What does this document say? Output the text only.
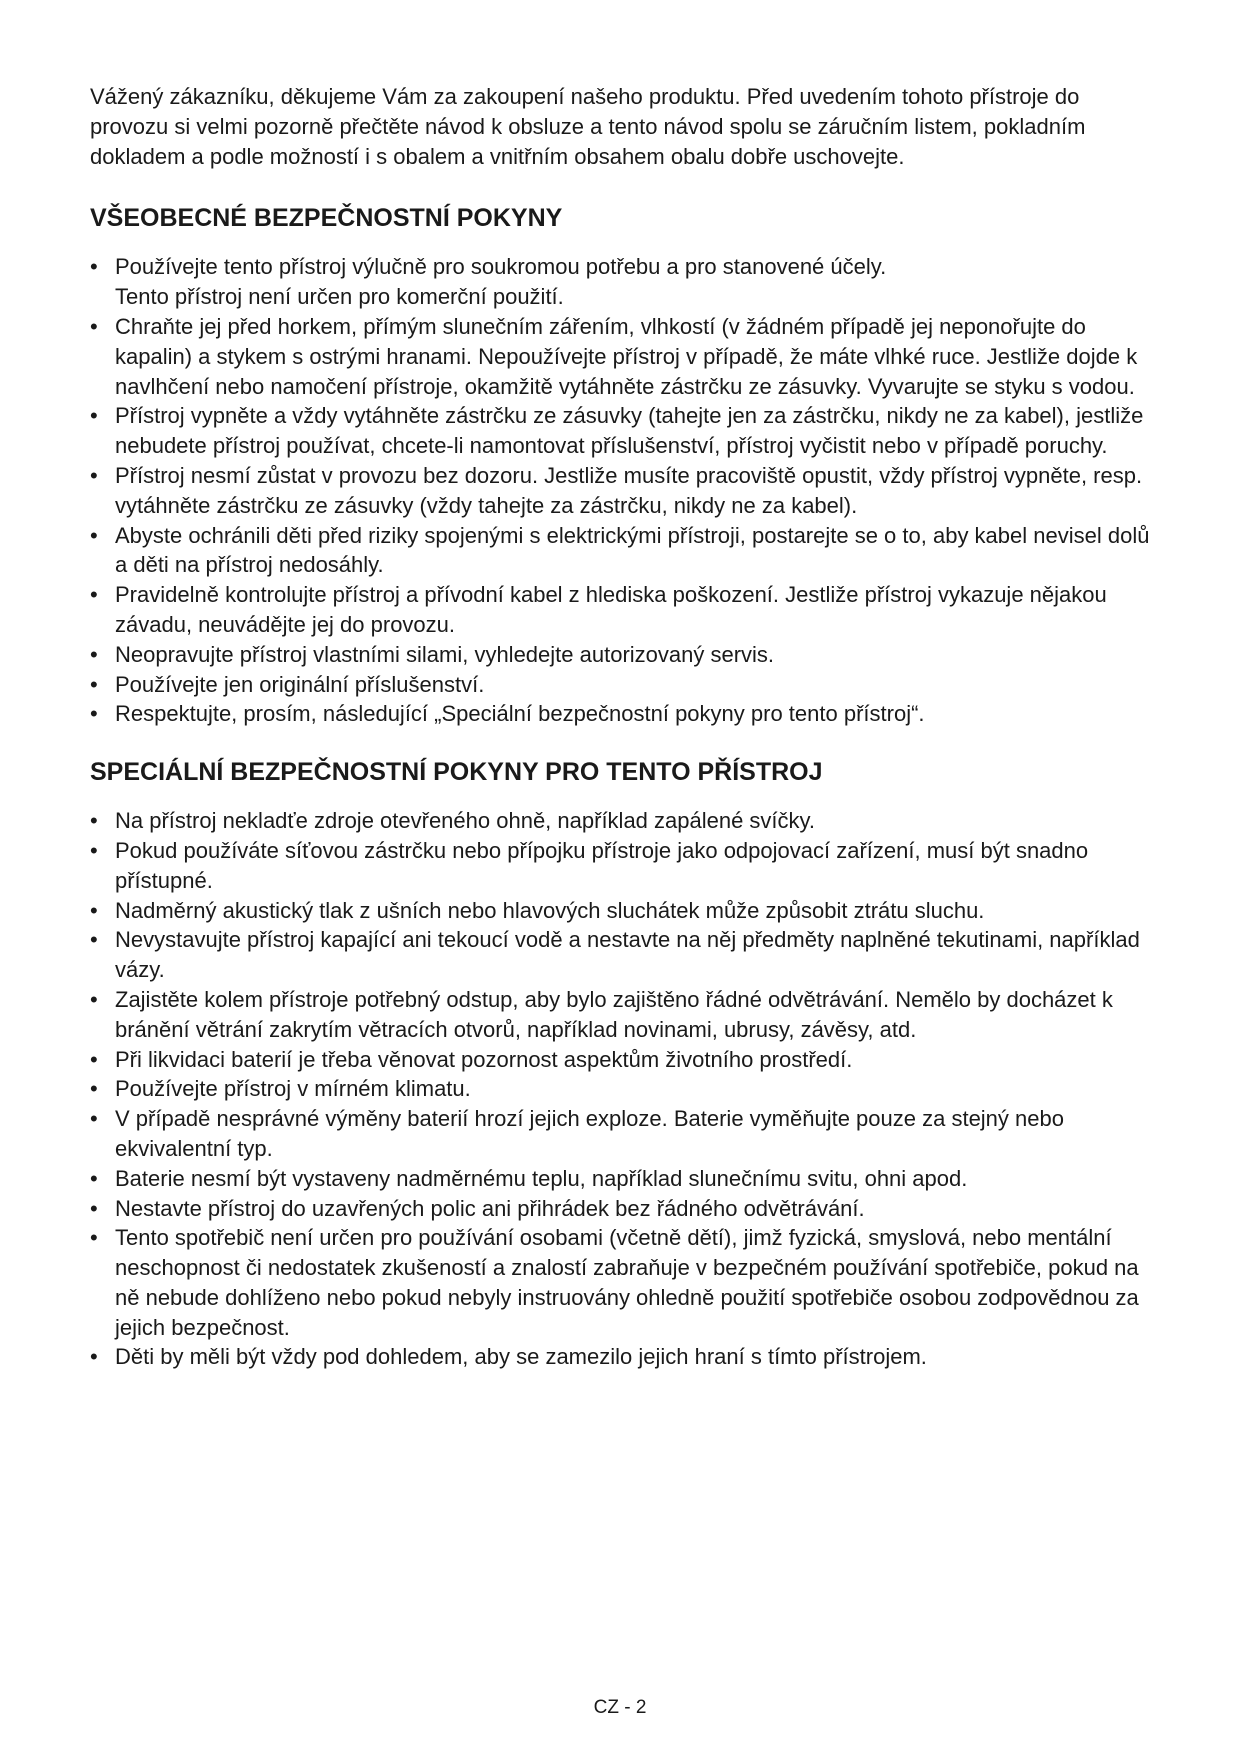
Vážený zákazníku, děkujeme Vám za zakoupení našeho produktu. Před uvedením tohoto přístroje do provozu si velmi pozorně přečtěte návod k obsluze a tento návod spolu se záručním listem, pokladním dokladem a podle možností i s obalem a vnitřním obsahem obalu dobře uschovejte.

VŠEOBECNÉ BEZPEČNOSTNÍ POKYNY
• Používejte tento přístroj výlučně pro soukromou potřebu a pro stanovené účely.
Tento přístroj není určen pro komerční použití.
• Chraňte jej před horkem, přímým slunečním zářením, vlhkostí (v žádném případě jej neponořujte do kapalin) a stykem s ostrými hranami. Nepoužívejte přístroj v případě, že máte vlhké ruce. Jestliže dojde k navlhčení nebo namočení přístroje, okamžitě vytáhněte zástrčku ze zásuvky. Vyvarujte se styku s vodou.
• Přístroj vypněte a vždy vytáhněte zástrčku ze zásuvky (tahejte jen za zástrčku, nikdy ne za kabel), jestliže nebudete přístroj používat, chcete-li namontovat příslušenství, přístroj vyčistit nebo v případě poruchy.
• Přístroj nesmí zůstat v provozu bez dozoru. Jestliže musíte pracoviště opustit, vždy přístroj vypněte, resp. vytáhněte zástrčku ze zásuvky (vždy tahejte za zástrčku, nikdy ne za kabel).
• Abyste ochránili děti před riziky spojenými s elektrickými přístroji, postarejte se o to, aby kabel nevisel dolů a děti na přístroj nedosáhly.
• Pravidelně kontrolujte přístroj a přívodní kabel z hlediska poškození. Jestliže přístroj vykazuje nějakou závadu, neuvádějte jej do provozu.
• Neopravujte přístroj vlastními silami, vyhledejte autorizovaný servis.
• Používejte jen originální příslušenství.
• Respektujte, prosím, následující „Speciální bezpečnostní pokyny pro tento přístroj“.
SPECIÁLNÍ BEZPEČNOSTNÍ POKYNY PRO TENTO PŘÍSTROJ
• Na přístroj nekladťe zdroje otevřeného ohně, například zapálené svíčky.
• Pokud používáte síťovou zástrčku nebo přípojku přístroje jako odpojovací zařízení, musí být snadno přístupné.
• Nadměrný akustický tlak z ušních nebo hlavových sluchátek může způsobit ztrátu sluchu.
• Nevystavujte přístroj kapající ani tekoucí vodě a nestavte na něj předměty naplněné tekutinami, například vázy.
• Zajistěte kolem přístroje potřebný odstup, aby bylo zajištěno řádné odvětrávání. Nemělo by docházet k bránění větrání zakrytím větracích otvorů, například novinami, ubrusy, závěsy, atd.
• Při likvidaci baterií je třeba věnovat pozornost aspektům životního prostředí.
• Používejte přístroj v mírném klimatu.
• V případě nesprávné výměny baterií hrozí jejich exploze. Baterie vyměňujte pouze za stejný nebo ekvivalentní typ.
• Baterie nesmí být vystaveny nadměrnému teplu, například slunečnímu svitu, ohni apod.
• Nestavte přístroj do uzavřených polic ani přihrádek bez řádného odvětrávání.
• Tento spotřebič není určen pro používání osobami (včetně dětí), jimž fyzická, smyslová, nebo mentální neschopnost či nedostatek zkušeností a znalostí zabraňuje v bezpečném používání spotřebiče, pokud na ně nebude dohlíženo nebo pokud nebyly instruovány ohledně použití spotřebiče osobou zodpovědnou za jejich bezpečnost.
• Děti by měli být vždy pod dohledem, aby se zamezilo jejich hraní s tímto přístrojem.
CZ - 2
